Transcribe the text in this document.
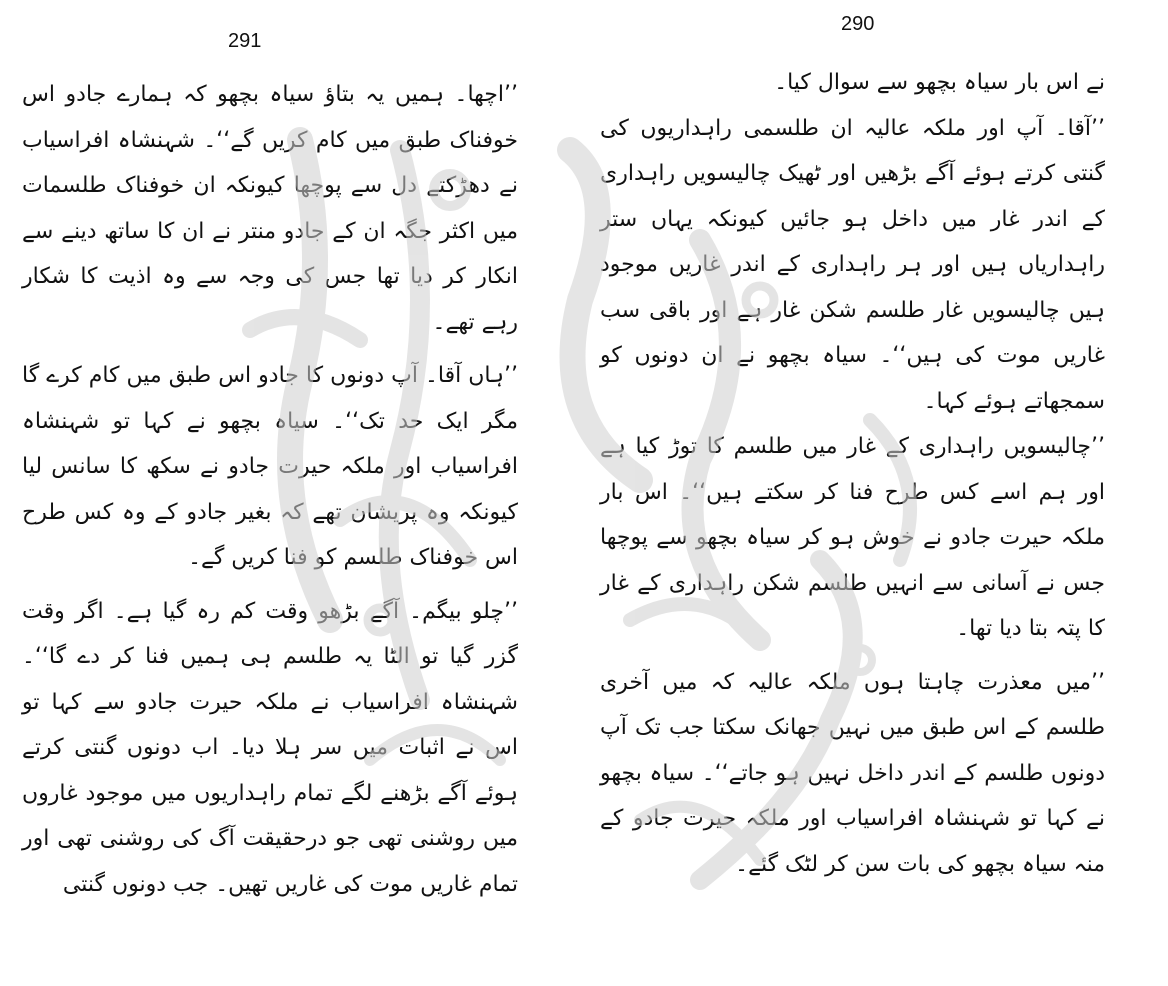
291

’’اچھا۔ ہمیں یہ بتاؤ سیاہ بچھو کہ ہمارے جادو اس خوفناک طبق میں کام کریں گے‘‘۔ شہنشاہ افراسیاب نے دھڑکتے دل سے پوچھا کیونکہ ان خوفناک طلسمات میں اکثر جگہ ان کے جادو منتر نے ان کا ساتھ دینے سے انکار کر دیا تھا جس کی وجہ سے وہ اذیت کا شکار رہے تھے۔

’’ہاں آقا۔ آپ دونوں کا جادو اس طبق میں کام کرے گا مگر ایک حد تک‘‘۔ سیاہ بچھو نے کہا تو شہنشاہ افراسیاب اور ملکہ حیرت جادو نے سکھ کا سانس لیا کیونکہ وہ پریشان تھے کہ بغیر جادو کے وہ کس طرح اس خوفناک طلسم کو فنا کریں گے۔

’’چلو بیگم۔ آگے بڑھو وقت کم رہ گیا ہے۔ اگر وقت گزر گیا تو الٹا یہ طلسم ہی ہمیں فنا کر دے گا‘‘۔ شہنشاہ افراسیاب نے ملکہ حیرت جادو سے کہا تو اس نے اثبات میں سر ہلا دیا۔ اب دونوں گنتی کرتے ہوئے آگے بڑھنے لگے تمام راہداریوں میں موجود غاروں میں روشنی تھی جو درحقیقت آگ کی روشنی تھی اور تمام غاریں موت کی غاریں تھیں۔ جب دونوں گنتی

290

نے اس بار سیاہ بچھو سے سوال کیا۔

’’آقا۔ آپ اور ملکہ عالیہ ان طلسمی راہداریوں کی گنتی کرتے ہوئے آگے بڑھیں اور ٹھیک چالیسویں راہداری کے اندر غار میں داخل ہو جائیں کیونکہ یہاں ستر راہداریاں ہیں اور ہر راہداری کے اندر غاریں موجود ہیں چالیسویں غار طلسم شکن غار ہے اور باقی سب غاریں موت کی ہیں‘‘۔ سیاہ بچھو نے ان دونوں کو سمجھاتے ہوئے کہا۔

’’چالیسویں راہداری کے غار میں طلسم کا توڑ کیا ہے اور ہم اسے کس طرح فنا کر سکتے ہیں‘‘۔ اس بار ملکہ حیرت جادو نے خوش ہو کر سیاہ بچھو سے پوچھا جس نے آسانی سے انہیں طلسم شکن راہداری کے غار کا پتہ بتا دیا تھا۔

’’میں معذرت چاہتا ہوں ملکہ عالیہ کہ میں آخری طلسم کے اس طبق میں نہیں جھانک سکتا جب تک آپ دونوں طلسم کے اندر داخل نہیں ہو جاتے‘‘۔ سیاہ بچھو نے کہا تو شہنشاہ افراسیاب اور ملکہ حیرت جادو کے منہ سیاہ بچھو کی بات سن کر لٹک گئے۔
